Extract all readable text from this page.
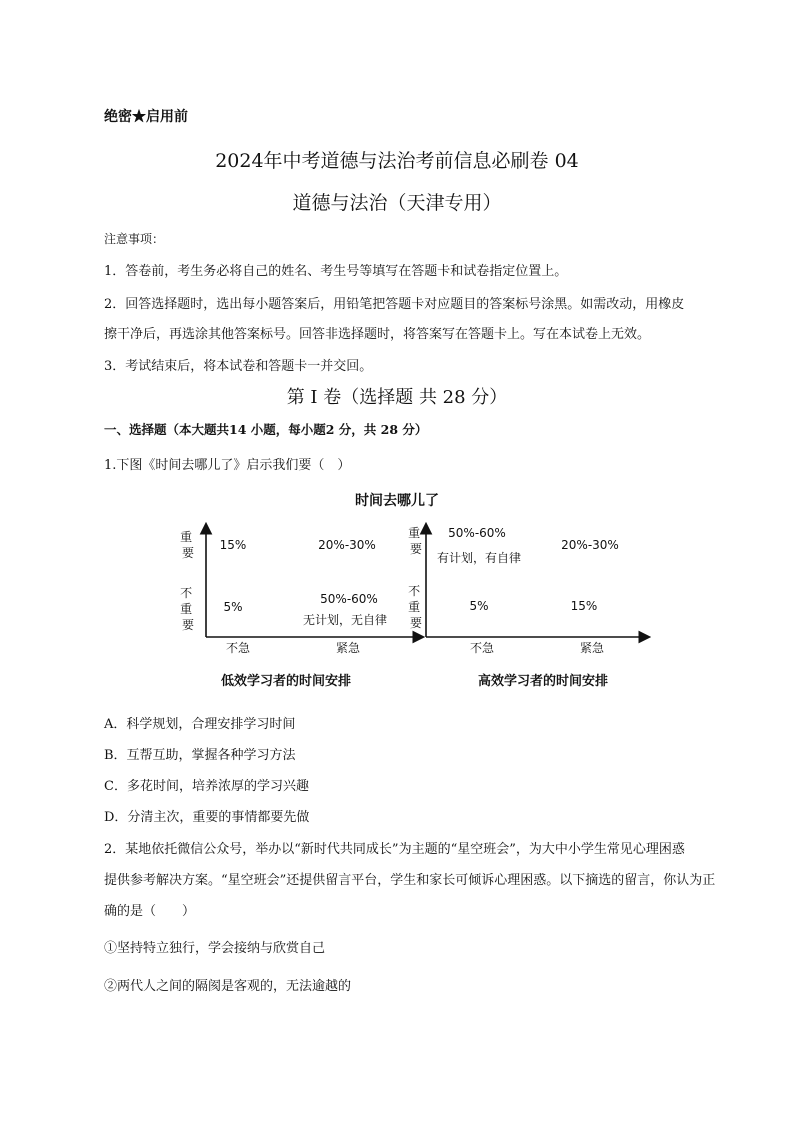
绝密★启用前
2024年中考道德与法治考前信息必刷卷 04
道德与法治（天津专用）
注意事项：
1．答卷前，考生务必将自己的姓名、考生号等填写在答题卡和试卷指定位置上。
2．回答选择题时，选出每小题答案后，用铅笔把答题卡对应题目的答案标号涂黑。如需改动，用橡皮
擦干净后，再选涂其他答案标号。回答非选择题时，将答案写在答题卡上。写在本试卷上无效。
3．考试结束后，将本试卷和答题卡一并交回。
第 I 卷（选择题 共 28 分）
一、选择题（本大题共14 小题，每小题2 分，共 28 分）
1.下图《时间去哪儿了》启示我们要（　）
时间去哪儿了
重 要
不 重 要
15%	20%-30%
5%
50%-60%
无计划，无自律
不急	紧急
低效学习者的时间安排
重 要
不 重 要
50%-60%
有计划，有自律
20%-30%
5%	15%
不急	紧急
高效学习者的时间安排
A．科学规划，合理安排学习时间
B．互帮互助，掌握各种学习方法
C．多花时间，培养浓厚的学习兴趣
D．分清主次，重要的事情都要先做
2．某地依托微信公众号，举办以“新时代共同成长”为主题的“星空班会”，为大中小学生常见心理困惑
提供参考解决方案。“星空班会”还提供留言平台，学生和家长可倾诉心理困惑。以下摘选的留言，你认为正
确的是（　　）
①坚持特立独行，学会接纳与欣赏自己
②两代人之间的隔阂是客观的，无法逾越的
